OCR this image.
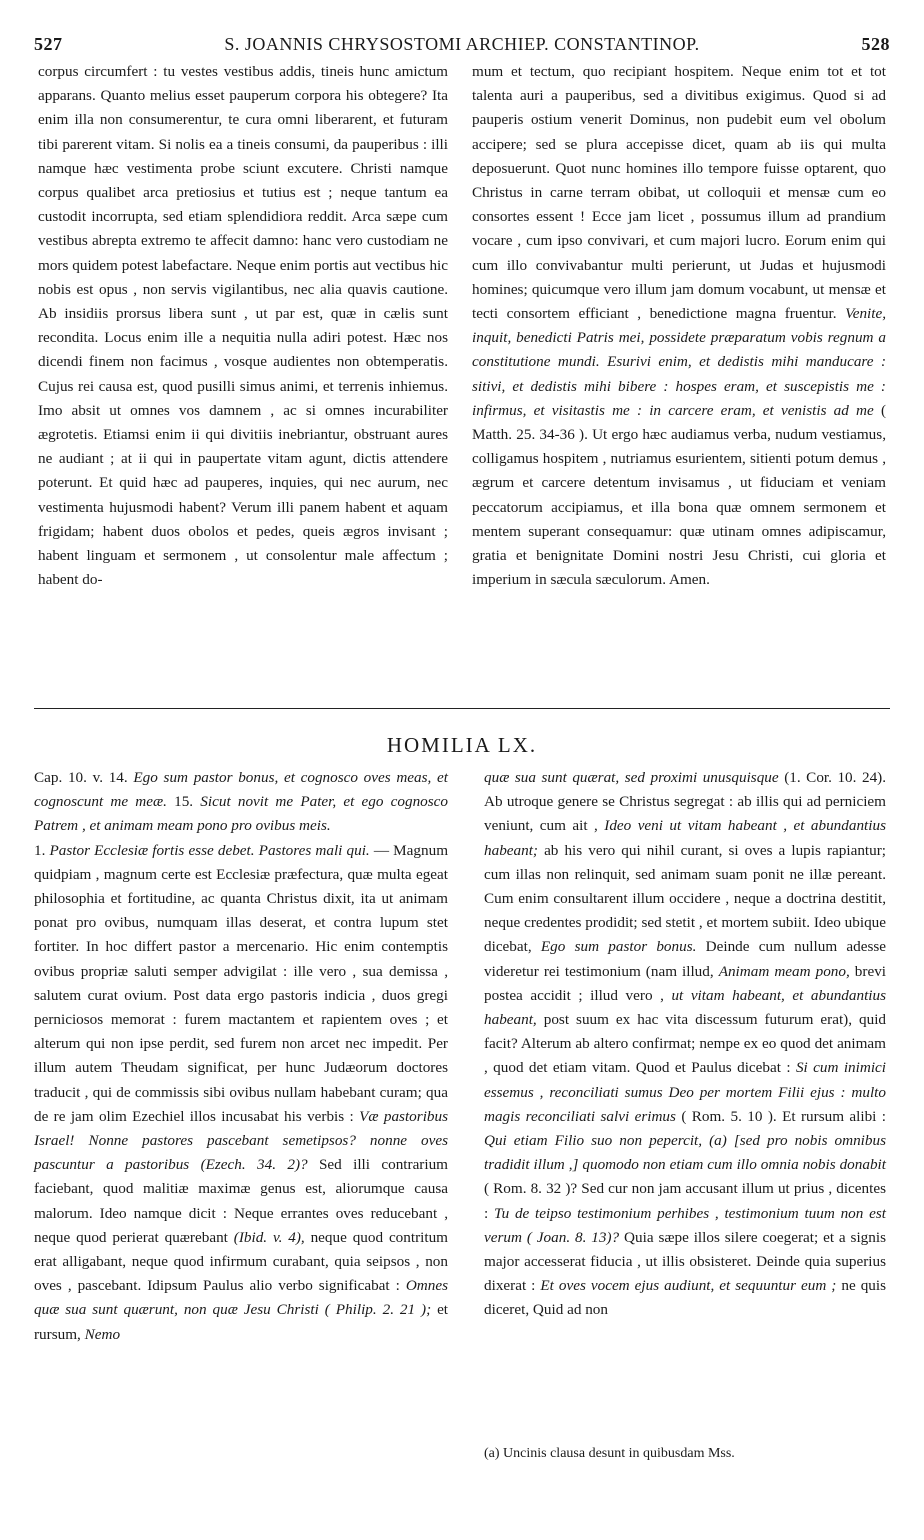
527	S. JOANNIS CHRYSOSTOMI ARCHIEP. CONSTANTINOP.	528

corpus circumfert : tu vestes vestibus addis, tineis hunc amictum apparans. Quanto melius esset pauperum corpora his obtegere? Ita enim illa non consumerentur, te cura omni liberarent, et futuram tibi parerent vitam. Si nolis ea a tineis consumi, da pauperibus : illi namque hæc vestimenta probe sciunt excutere. Christi namque corpus qualibet arca pretiosius et tutius est ; neque tantum ea custodit incorrupta, sed etiam splendidiora reddit. Arca sæpe cum vestibus abrepta extremo te affecit damno: hanc vero custodiam ne mors quidem potest labefactare. Neque enim portis aut vectibus hic nobis est opus , non servis vigilantibus, nec alia quavis cautione. Ab insidiis prorsus libera sunt , ut par est, quæ in cælis sunt recondita. Locus enim ille a nequitia nulla adiri potest. Hæc nos dicendi finem non facimus , vosque audientes non obtemperatis. Cujus rei causa est, quod pusilli simus animi, et terrenis inhiemus. Imo absit ut omnes vos damnem , ac si omnes incurabiliter ægrotetis. Etiamsi enim ii qui divitiis inebriantur, obstruant aures ne audiant ; at ii qui in paupertate vitam agunt, dictis attendere poterunt. Et quid hæc ad pauperes, inquies, qui nec aurum, nec vestimenta hujusmodi habent? Verum illi panem habent et aquam frigidam; habent duos obolos et pedes, queis ægros invisant ; habent linguam et sermonem , ut consolentur male affectum ; habent do-

mum et tectum, quo recipiant hospitem. Neque enim tot et tot talenta auri a pauperibus, sed a divitibus exigimus. Quod si ad pauperis ostium venerit Dominus, non pudebit eum vel obolum accipere; sed se plura accepisse dicet, quam ab iis qui multa deposuerunt. Quot nunc homines illo tempore fuisse optarent, quo Christus in carne terram obibat, ut colloquii et mensæ cum eo consortes essent ! Ecce jam licet , possumus illum ad prandium vocare , cum ipso convivari, et cum majori lucro. Eorum enim qui cum illo convivabantur multi perierunt, ut Judas et hujusmodi homines; quicumque vero illum jam domum vocabunt, ut mensæ et tecti consortem efficiant , benedictione magna fruentur. Venite, inquit, benedicti Patris mei, possidete præparatum vobis regnum a constitutione mundi. Esurivi enim, et dedistis mihi manducare : sitivi, et dedistis mihi bibere : hospes eram, et suscepistis me : infirmus, et visitastis me : in carcere eram, et venistis ad me ( Matth. 25. 34-36 ). Ut ergo hæc audiamus verba, nudum vestiamus, colligamus hospitem , nutriamus esurientem, sitienti potum demus , ægrum et carcere detentum invisamus , ut fiduciam et veniam peccatorum accipiamus, et illa bona quæ omnem sermonem et mentem superant consequamur: quæ utinam omnes adipiscamur, gratia et benignitate Domini nostri Jesu Christi, cui gloria et imperium in sæcula sæculorum. Amen.

HOMILIA LX.

Cap. 10. v. 14. Ego sum pastor bonus, et cognosco oves meas, et cognoscunt me meæ. 15. Sicut novit me Pater, et ego cognosco Patrem , et animam meam pono pro ovibus meis.

1. Pastor Ecclesiæ fortis esse debet. Pastores mali qui. — Magnum quidpiam , magnum certe est Ecclesiæ præfectura, quæ multa egeat philosophia et fortitudine, ac quanta Christus dixit, ita ut animam ponat pro ovibus, numquam illas deserat, et contra lupum stet fortiter. In hoc differt pastor a mercenario. Hic enim contemptis ovibus propriæ saluti semper advigilat : ille vero , sua demissa , salutem curat ovium. Post data ergo pastoris indicia , duos gregi perniciosos memorat : furem mactantem et rapientem oves ; et alterum qui non ipse perdit, sed furem non arcet nec impedit. Per illum autem Theudam significat, per hunc Judæorum doctores traducit , qui de commissis sibi ovibus nullam habebant curam; qua de re jam olim Ezechiel illos incusabat his verbis : Væ pastoribus Israel! Nonne pastores pascebant semetipsos? nonne oves pascuntur a pastoribus (Ezech. 34. 2)? Sed illi contrarium faciebant, quod malitiæ maximæ genus est, aliorumque causa malorum. Ideo namque dicit : Neque errantes oves reducebant , neque quod perierat quærebant (Ibid. v. 4), neque quod contritum erat alligabant, neque quod infirmum curabant, quia seipsos , non oves , pascebant. Idipsum Paulus alio verbo significabat : Omnes quæ sua sunt quærunt, non quæ Jesu Christi ( Philip. 2. 21 ); et rursum, Nemo

quæ sua sunt quærat, sed proximi unusquisque (1. Cor. 10. 24). Ab utroque genere se Christus segregat : ab illis qui ad perniciem veniunt, cum ait , Ideo veni ut vitam habeant , et abundantius habeant; ab his vero qui nihil curant, si oves a lupis rapiantur; cum illas non relinquit, sed animam suam ponit ne illæ pereant. Cum enim consultarent illum occidere , neque a doctrina destitit, neque credentes prodidit; sed stetit , et mortem subiit. Ideo ubique dicebat, Ego sum pastor bonus. Deinde cum nullum adesse videretur rei testimonium (nam illud, Animam meam pono, brevi postea accidit ; illud vero , ut vitam habeant, et abundantius habeant, post suum ex hac vita discessum futurum erat), quid facit? Alterum ab altero confirmat; nempe ex eo quod det animam , quod det etiam vitam. Quod et Paulus dicebat : Si cum inimici essemus , reconciliati sumus Deo per mortem Filii ejus : multo magis reconciliati salvi erimus ( Rom. 5. 10 ). Et rursum alibi : Qui etiam Filio suo non pepercit, (a) [sed pro nobis omnibus tradidit illum ,] quomodo non etiam cum illo omnia nobis donabit ( Rom. 8. 32 )? Sed cur non jam accusant illum ut prius , dicentes : Tu de teipso testimonium perhibes , testimonium tuum non est verum ( Joan. 8. 13)? Quia sæpe illos silere coegerat; et a signis major accesserat fiducia , ut illis obsisteret. Deinde quia superius dixerat : Et oves vocem ejus audiunt, et sequuntur eum ; ne quis diceret, Quid ad non

(a) Uncinis clausa desunt in quibusdam Mss.
